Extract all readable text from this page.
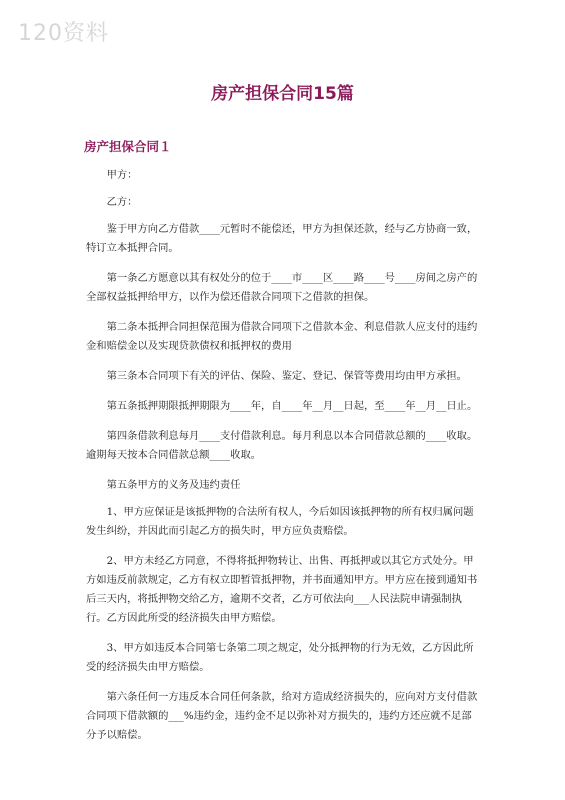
120资料
房产担保合同15篇
房产担保合同１

甲方：

乙方：

鉴于甲方向乙方借款____元暂时不能偿还，甲方为担保还款，经与乙方协商一致，特订立本抵押合同。

第一条乙方愿意以其有权处分的位于____市____区____路____号____房间之房产的全部权益抵押给甲方，以作为偿还借款合同项下之借款的担保。

第二条本抵押合同担保范围为借款合同项下之借款本金、利息借款人应支付的违约金和赔偿金以及实现贷款债权和抵押权的费用

第三条本合同项下有关的评估、保险、鉴定、登记、保管等费用均由甲方承担。

第五条抵押期限抵押期限为____年，自____年__月__日起，至____年__月__日止。

第四条借款利息每月____支付借款利息。每月利息以本合同借款总额的____收取。逾期每天按本合同借款总额____收取。

第五条甲方的义务及违约责任

1、甲方应保证是该抵押物的合法所有权人，今后如因该抵押物的所有权归属问题发生纠纷，并因此而引起乙方的损失时，甲方应负责赔偿。

2、甲方未经乙方同意，不得将抵押物转让、出售、再抵押或以其它方式处分。甲方如违反前款规定，乙方有权立即暂管抵押物，并书面通知甲方。甲方应在接到通知书后三天内，将抵押物交给乙方，逾期不交者，乙方可依法向___人民法院申请强制执行。乙方因此所受的经济损失由甲方赔偿。

3、甲方如违反本合同第七条第二项之规定，处分抵押物的行为无效，乙方因此所受的经济损失由甲方赔偿。

第六条任何一方违反本合同任何条款，给对方造成经济损失的，应向对方支付借款合同项下借款额的___%违约金，违约金不足以弥补对方损失的，违约方还应就不足部分予以赔偿。
